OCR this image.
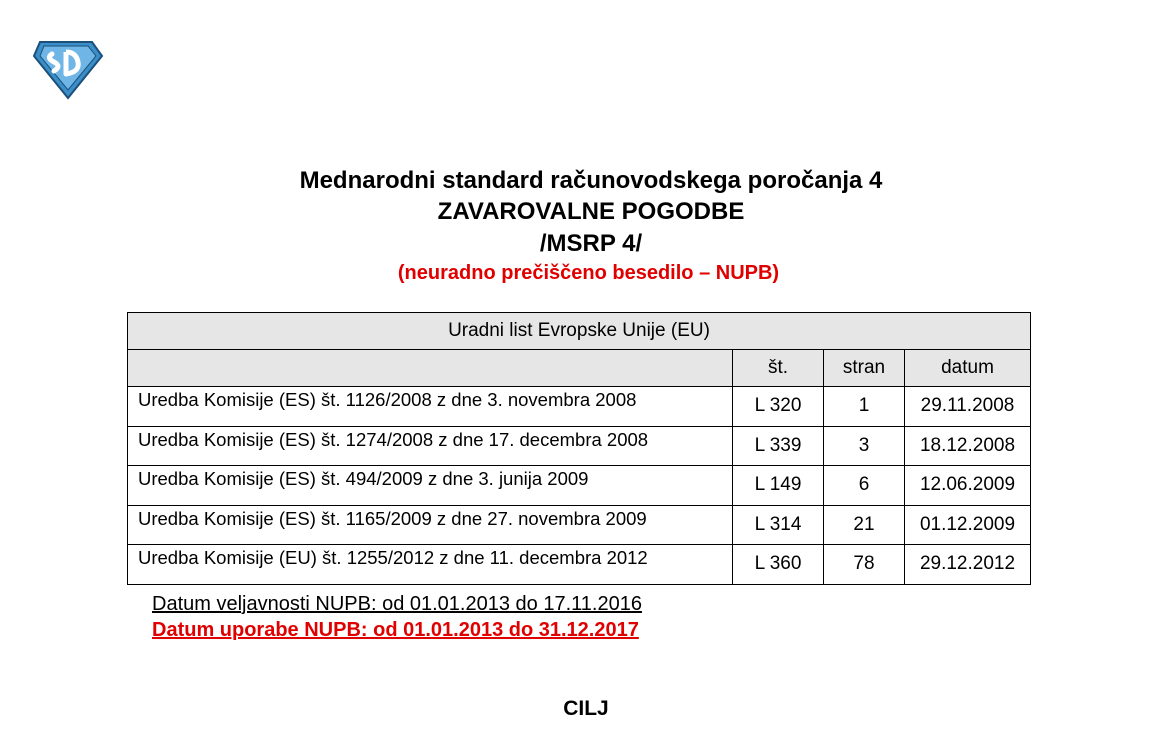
Mednarodni standard računovodskega poročanja 4
ZAVAROVALNE POGODBE
/MSRP 4/
(neuradno prečiščeno besedilo – NUPB)
Uradni list Evropske Unije (EU)			
	št.	stran	datum
Uredba Komisije (ES) št. 1126/2008 z dne 3. novembra 2008	L 320	1	29.11.2008
Uredba Komisije (ES) št. 1274/2008 z dne 17. decembra 2008	L 339	3	18.12.2008
Uredba Komisije (ES) št. 494/2009 z dne 3. junija 2009	L 149	6	12.06.2009
Uredba Komisije (ES) št. 1165/2009 z dne 27. novembra 2009	L 314	21	01.12.2009
Uredba Komisije (EU) št. 1255/2012 z dne 11. decembra 2012	L 360	78	29.12.2012
Datum veljavnosti NUPB: od 01.01.2013 do 17.11.2016
Datum uporabe NUPB: od 01.01.2013 do 31.12.2017
CILJ
